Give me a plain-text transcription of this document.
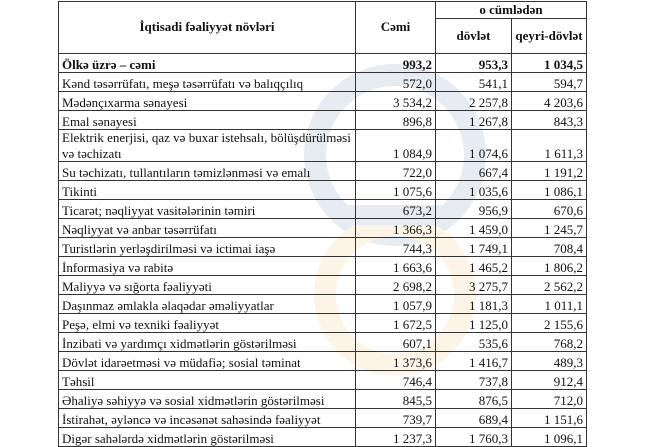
İqtisadi fəaliyyət növləri	Cəmi	o cümlədən	
		dövlət	qeyri-dövlət
Ölkə üzrə – cəmi	993,2	953,3	1 034,5
Kənd təsərrüfatı, meşə təsərrüfatı və balıqçılıq	572,0	541,1	594,7
Mədənçıxarma sənayesi	3 534,2	2 257,8	4 203,6
Emal sənayesi	896,8	1 267,8	843,3
Elektrik enerjisi, qaz və buxar istehsalı, bölüşdürülməsi və təchizatı	1 084,9	1 074,6	1 611,3
Su təchizatı, tullantıların təmizlənməsi və emalı	722,0	667,4	1 191,2
Tikinti	1 075,6	1 035,6	1 086,1
Ticarət; nəqliyyat vasitələrinin təmiri	673,2	956,9	670,6
Nəqliyyat və anbar təsərrüfatı	1 366,3	1 459,0	1 245,7
Turistlərin yerləşdirilməsi və ictimai iaşə	744,3	1 749,1	708,4
İnformasiya və rabitə	1 663,6	1 465,2	1 806,2
Maliyyə və sığorta fəaliyyəti	2 698,2	3 275,7	2 562,2
Daşınmaz əmlakla əlaqədar əməliyyatlar	1 057,9	1 181,3	1 011,1
Peşə, elmi və texniki fəaliyyət	1 672,5	1 125,0	2 155,6
İnzibati və yardımçı xidmətlərin göstərilməsi	607,1	535,6	768,2
Dövlət idarəetməsi və müdafiə; sosial təminat	1 373,6	1 416,7	489,3
Təhsil	746,4	737,8	912,4
Əhaliyə səhiyyə və sosial xidmətlərin göstərilməsi	845,5	876,5	712,0
İstirahət, əyləncə və incəsənət sahəsində fəaliyyət	739,7	689,4	1 151,6
Digər sahələrdə xidmətlərin göstərilməsi	1 237,3	1 760,3	1 096,1
